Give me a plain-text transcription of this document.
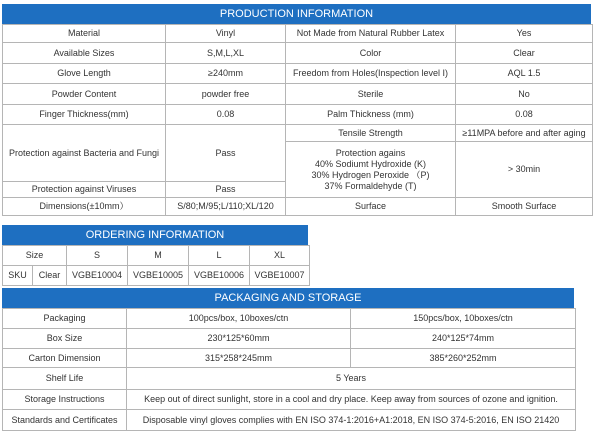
PRODUCTION INFORMATION
Material	Vinyl	Not Made from Natural Rubber Latex	Yes
Available Sizes	S,M,L,XL	Color	Clear
Glove Length	≥240mm	Freedom from Holes(Inspection level I)	AQL 1.5
Powder Content	powder free	Sterile	No
Finger Thickness(mm)	0.08	Palm Thickness (mm)	0.08
Protection against Bacteria and Fungi	Pass	Tensile Strength	≥11MPA before and after aging

		Protection agains
40% Sodiumt Hydroxide (K)
30% Hydrogen Peroxide （P)
37% Formaldehyde (T)	> 30min
Protection against Viruses	Pass		
Dimensions(±10mm）	S/80;M/95;L/110;XL/120	Surface	Smooth Surface
ORDERING INFORMATION
Size		S	M	L	XL
SKU	Clear	VGBE10004	VGBE10005	VGBE10006	VGBE10007
PACKAGING AND STORAGE
Packaging	100pcs/box, 10boxes/ctn	150pcs/box, 10boxes/ctn
Box Size	230*125*60mm	240*125*74mm
Carton Dimension	315*258*245mm	385*260*252mm
Shelf Life	5 Years	
Storage Instructions	Keep out of direct sunlight, store in a cool and dry place. Keep away from sources of ozone and ignition.	
Standards and Certificates	Disposable vinyl gloves complies with EN ISO 374-1:2016+A1:2018, EN ISO 374-5:2016, EN ISO 21420	
